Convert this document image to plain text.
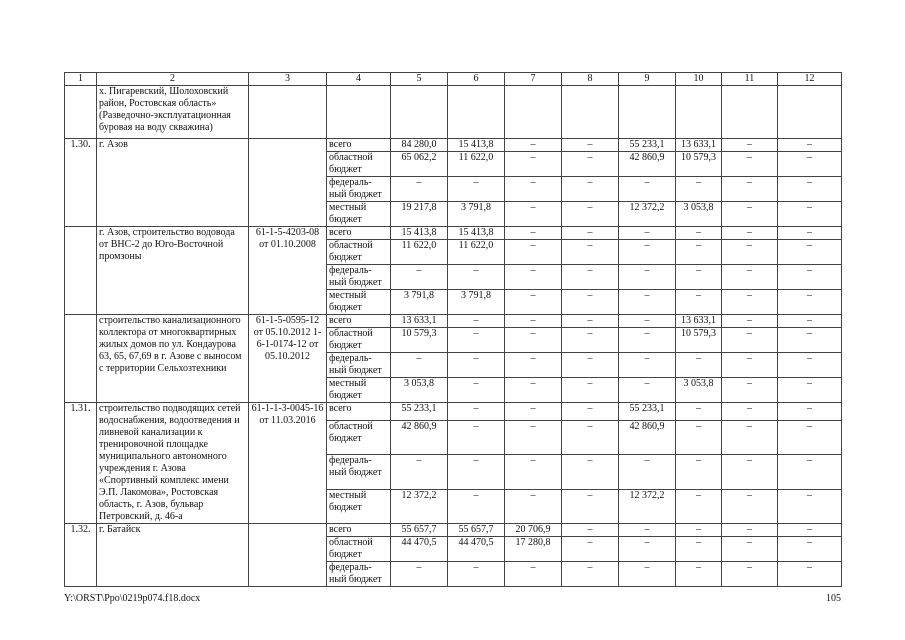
1	2	3	4	5	6	7	8	9	10	11	12
	х. Пигаревский, Шолоховский район, Ростовская область» (Разведочно-эксплуатационная буровая на воду скважина)										
1.30.	г. Азов		всего	84 280,0	15 413,8	–	–	55 233,1	13 633,1	–	–
			областной бюджет	65 062,2	11 622,0	–	–	42 860,9	10 579,3	–	–
			федераль-ный бюджет	–	–	–	–	–	–	–	–
			местный бюджет	19 217,8	3 791,8	–	–	12 372,2	3 053,8	–	–
	г. Азов, строительство водовода от ВНС-2 до Юго-Восточной промзоны	61-1-5-4203-08 от 01.10.2008	всего	15 413,8	15 413,8	–	–	–	–	–	–
			областной бюджет	11 622,0	11 622,0	–	–	–	–	–	–
			федераль-ный бюджет	–	–	–	–	–	–	–	–
			местный бюджет	3 791,8	3 791,8	–	–	–	–	–	–
	строительство канализационного коллектора от многоквартирных жилых домов по ул. Кондаурова 63, 65, 67,69 в г. Азове с выносом с территории Сельхозтехники	61-1-5-0595-12 от 05.10.2012 1-6-1-0174-12 от 05.10.2012	всего	13 633,1	–	–	–	–	13 633,1	–	–
			областной бюджет	10 579,3	–	–	–	–	10 579,3	–	–
			федераль-ный бюджет	–	–	–	–	–	–	–	–
			местный бюджет	3 053,8	–	–	–	–	3 053,8	–	–
1.31.	строительство подводящих сетей водоснабжения, водоотведения и ливневой канализации к тренировочной площадке муниципального автономного учреждения г. Азова «Спортивный комплекс имени Э.П. Лакомова», Ростовская область, г. Азов, бульвар Петровский, д. 46-а	61-1-1-3-0045-16 от 11.03.2016	всего	55 233,1	–	–	–	55 233,1	–	–	–
			областной бюджет	42 860,9	–	–	–	42 860,9	–	–	–
			федераль-ный бюджет	–	–	–	–	–	–	–	–
			местный бюджет	12 372,2	–	–	–	12 372,2	–	–	–
1.32.	г. Батайск		всего	55 657,7	55 657,7	20 706,9	–	–	–	–	–
			областной бюджет	44 470,5	44 470,5	17 280,8	–	–	–	–	–
			федераль-ный бюджет	–	–	–	–	–	–	–	–
Y:\ORST\Ppo\0219p074.f18.docx	105
